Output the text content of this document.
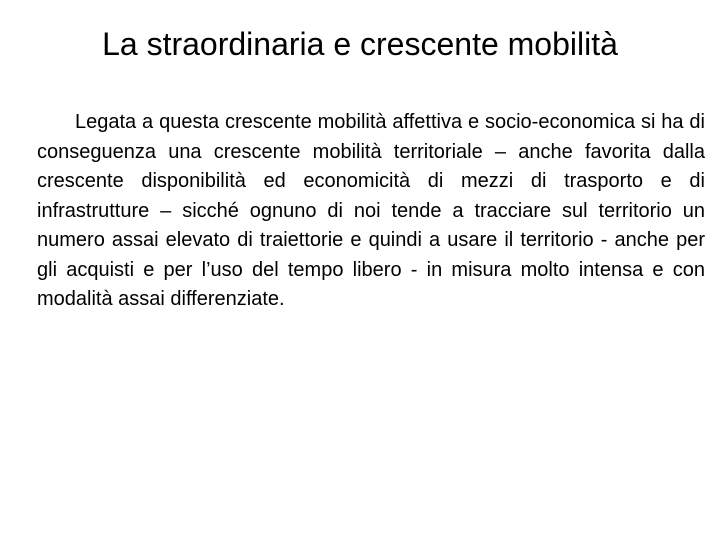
La straordinaria e crescente mobilità

Legata a questa crescente mobilità affettiva e socio-economica si ha di conseguenza una crescente mobilità territoriale – anche favorita dalla crescente disponibilità ed economicità di mezzi di trasporto e di infrastrutture – sicché ognuno di noi tende a tracciare sul territorio un numero assai elevato di traiettorie e quindi a usare il territorio - anche per gli acquisti e per l’uso del tempo libero - in misura molto intensa e con modalità assai differenziate.
